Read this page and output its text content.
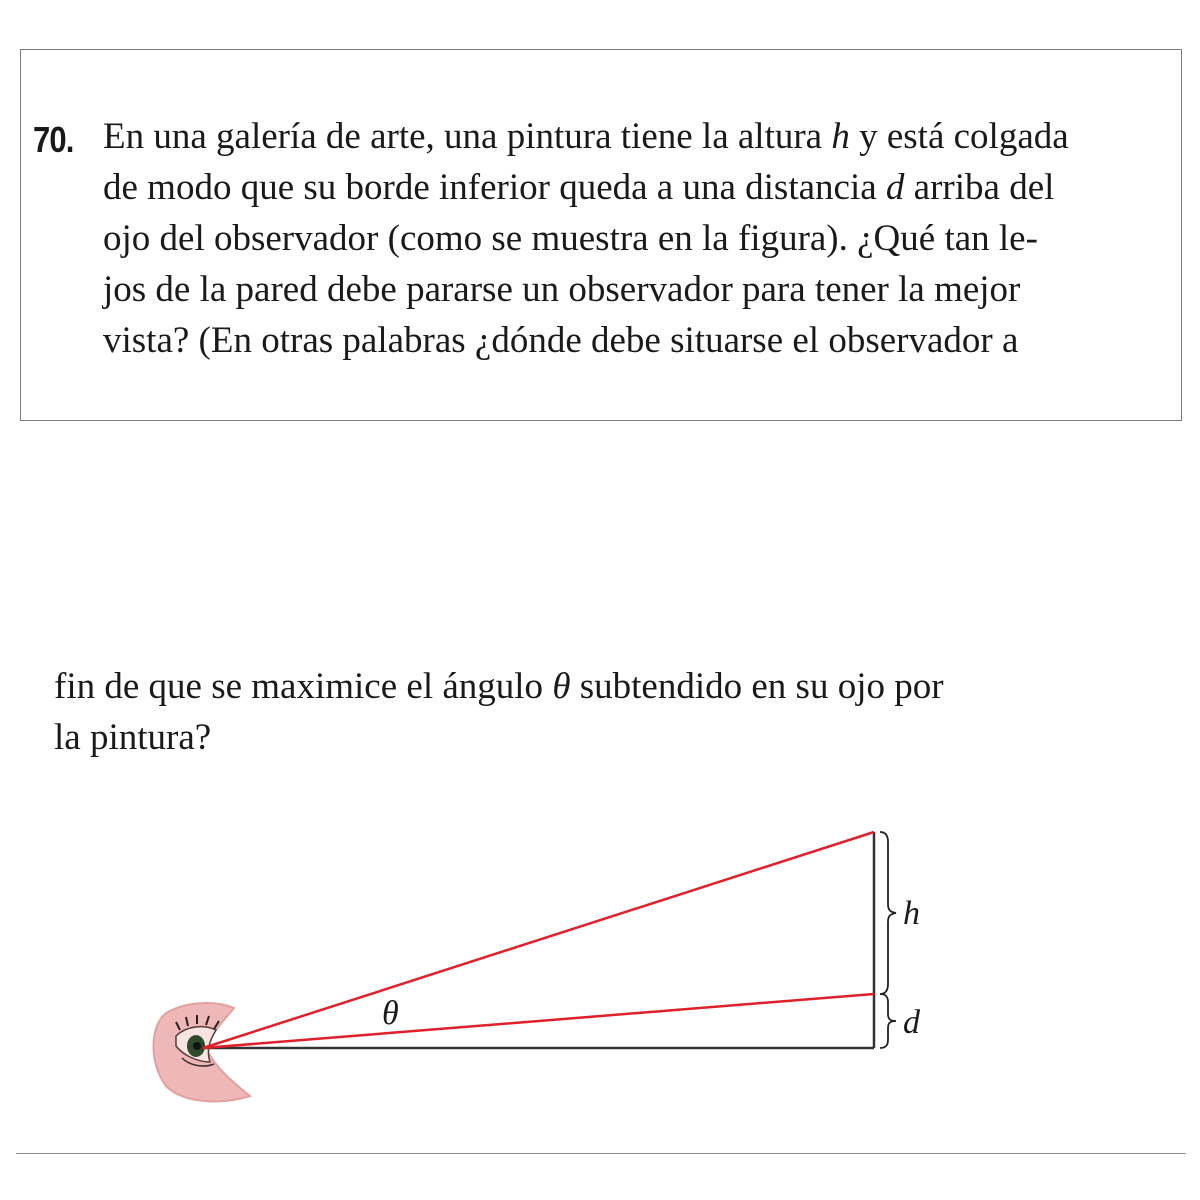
70. En una galería de arte, una pintura tiene la altura h y está colgada
de modo que su borde inferior queda a una distancia d arriba del
ojo del observador (como se muestra en la figura). ¿Qué tan le-
jos de la pared debe pararse un observador para tener la mejor
vista? (En otras palabras ¿dónde debe situarse el observador a
fin de que se maximice el ángulo θ subtendido en su ojo por
la pintura?
θ
h
d
